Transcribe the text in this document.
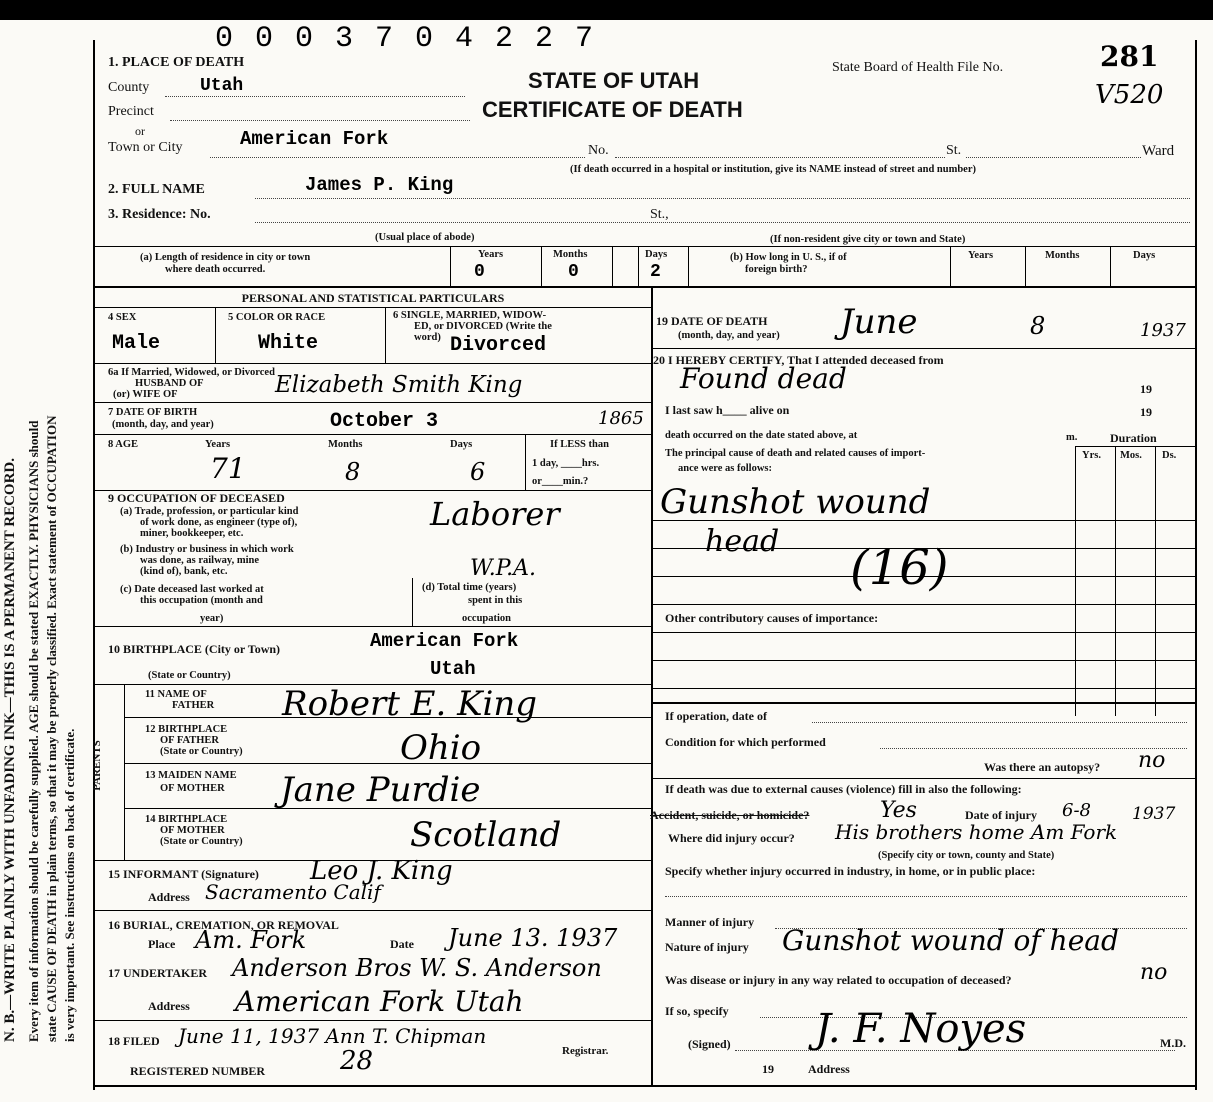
N. B.—WRITE PLAINLY WITH UNFADING INK—THIS IS A PERMANENT RECORD. Every item of information should be carefully supplied. AGE should be stated EXACTLY. PHYSICIANS should state CAUSE OF DEATH in plain terms, so that it may be properly classified. Exact statement of OCCUPATION is very important. See instructions on back of certificate.
0 0 0 3 7 0 4 2 2 7
1. PLACE OF DEATH
STATE OF UTAH
CERTIFICATE OF DEATH
State Board of Health File No.	281
V520
County	Utah
Precinct
or
Town or City	American Fork
No.	St.	Ward
(If death occurred in a hospital or institution, give its NAME instead of street and number)
2. FULL NAME	James P. King
3. Residence: No.	St.,
(Usual place of abode)	(If non-resident give city or town and State)
(a) Length of residence in city or town
where death occurred.
Years	Months	Days
0	0	2
(b) How long in U. S., if of
foreign birth?
Years	Months	Days
PERSONAL AND STATISTICAL PARTICULARS
4 SEX
Male
5 COLOR OR RACE
White
6 SINGLE, MARRIED, WIDOW-
ED, or DIVORCED (Write the
word) Divorced
6a If Married, Widowed, or Divorced
HUSBAND OF
(or) WIFE OF	Elizabeth Smith King
7 DATE OF BIRTH
(month, day, and year)	October 3	1865
8 AGE	Years	Months	Days
71	8	6
If LESS than
1 day, ____hrs.
or____min.?
9 OCCUPATION OF DECEASED
(a) Trade, profession, or particular kind
of work done, as engineer (type of),
miner, bookkeeper, etc.
Laborer
(b) Industry or business in which work
was done, as railway, mine
(kind of), bank, etc.	W.P.A.
(c) Date deceased last worked at
this occupation (month and
year)
(d) Total time (years)
spent in this
occupation
10 BIRTHPLACE (City or Town)	American Fork
(State or Country)	Utah
PARENTS
11 NAME OF
FATHER Robert E. King
12 BIRTHPLACE
OF FATHER
(State or Country)	Ohio
13 MAIDEN NAME
OF MOTHER Jane Purdie
14 BIRTHPLACE
OF MOTHER
(State or Country)	Scotland
15 INFORMANT (Signature) Leo J. King
Address Sacramento Calif
16 BURIAL, CREMATION, OR REMOVAL
Place Am. Fork	Date June 13. 1937
17 UNDERTAKER Anderson Bros W. S. Anderson
Address American Fork Utah
18 FILED June 11, 1937 Ann T. Chipman
Registrar.
REGISTERED NUMBER	28
19 DATE OF DEATH
(month, day, and year) June	8	1937
20 I HEREBY CERTIFY, That I attended deceased from
Found dead	19
I last saw h____ alive on	19
death occurred on the date stated above, at	m.	Duration
The principal cause of death and related causes of import-
ance were as follows:
Yrs. Mos. Ds.
Gunshot wound
head (16)
Other contributory causes of importance:
If operation, date of
Condition for which performed
Was there an autopsy? no
If death was due to external causes (violence) fill in also the following:
Accident, suicide, or homicide?	Yes	Date of injury 6-8 1937
Where did injury occur? His brothers home Am Fork
(Specify city or town, county and State)
Specify whether injury occurred in industry, in home, or in public place:
Manner of injury
Nature of injury Gunshot wound of head
Was disease or injury in any way related to occupation of deceased?	no
If so, specify
(Signed) J. F. Noyes	M.D.
19	Address
